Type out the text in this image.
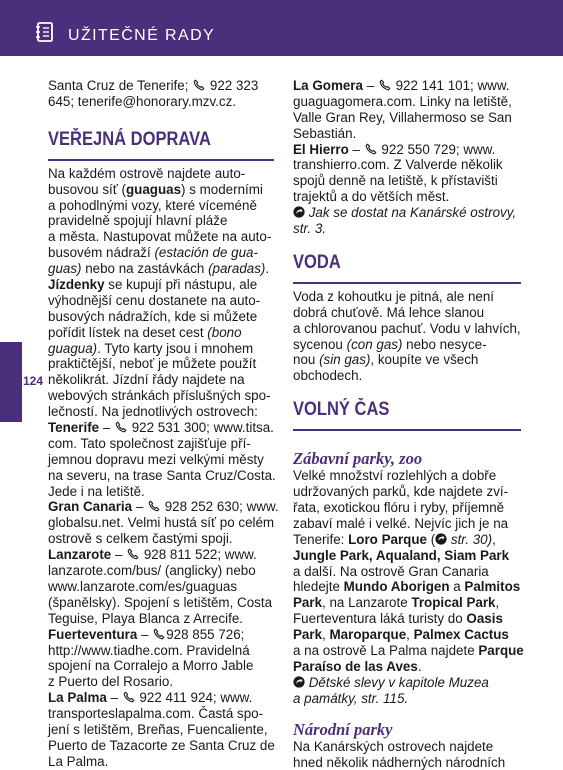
UŽITEČNÉ RADY
124
Santa Cruz de Tenerife;  922 323
645; tenerife@honorary.mzv.cz.
VEŘEJNÁ DOPRAVA
Na každém ostrově najdete auto-
busovou síť (guaguas) s moderními
a pohodlnými vozy, které víceméně
pravidelně spojují hlavní pláže
a města. Nastupovat můžete na auto-
busovém nádraží (estación de gua-
guas) nebo na zastávkách (paradas).
Jízdenky se kupují při nástupu, ale
výhodnější cenu dostanete na auto-
busových nádražích, kde si můžete
pořídit lístek na deset cest (bono
guagua). Tyto karty jsou i mnohem
praktičtější, neboť je můžete použít
několikrát. Jízdní řády najdete na
webových stránkách příslušných spo-
lečností. Na jednotlivých ostrovech:
Tenerife –  922 531 300; www.titsa.
com. Tato společnost zajišťuje pří-
jemnou dopravu mezi velkými městy
na severu, na trase Santa Cruz/Costa.
Jede i na letiště.
Gran Canaria –  928 252 630; www.
globalsu.net. Velmi hustá síť po celém
ostrově s celkem častými spoji.
Lanzarote –  928 811 522; www.
lanzarote.com/bus/ (anglicky) nebo
www.lanzarote.com/es/guaguas
(španělsky). Spojení s letištěm, Costa
Teguise, Playa Blanca z Arrecife.
Fuerteventura – 928 855 726;
http://www.tiadhe.com. Pravidelná
spojení na Corralejo a Morro Jable
z Puerto del Rosario.
La Palma –  922 411 924; www.
transporteslapalma.com. Častá spo-
jení s letištěm, Breñas, Fuencaliente,
Puerto de Tazacorte ze Santa Cruz de
La Palma.
La Gomera –  922 141 101; www.
guaguagomera.com. Linky na letiště,
Valle Gran Rey, Villahermoso se San
Sebastián.
El Hierro –  922 550 729; www.
transhierro.com. Z Valverde několik
spojů denně na letiště, k přístavišti
trajektů a do větších měst.
Jak se dostat na Kanárské ostrovy,
str. 3.
VODA
Voda z kohoutku je pitná, ale není
dobrá chuťově. Má lehce slanou
a chlorovanou pachuť. Vodu v lahvích,
sycenou (con gas) nebo nesyce-
nou (sin gas), koupíte ve všech
obchodech.
VOLNÝ ČAS
Zábavní parky, zoo
Velké množství rozlehlých a dobře
udržovaných parků, kde najdete zví-
řata, exotickou flóru i ryby, příjemně
zabaví malé i velké. Nejvíc jich je na
Tenerife: Loro Parque ( str. 30),
Jungle Park, Aqualand, Siam Park
a další. Na ostrově Gran Canaria
hledejte Mundo Aborigen a Palmitos
Park, na Lanzarote Tropical Park,
Fuerteventura láká turisty do Oasis
Park, Maroparque, Palmex Cactus
a na ostrově La Palma najdete Parque
Paraíso de las Aves.
Dětské slevy v kapitole Muzea
a památky, str. 115.
Národní parky
Na Kanárských ostrovech najdete
hned několik nádherných národních
